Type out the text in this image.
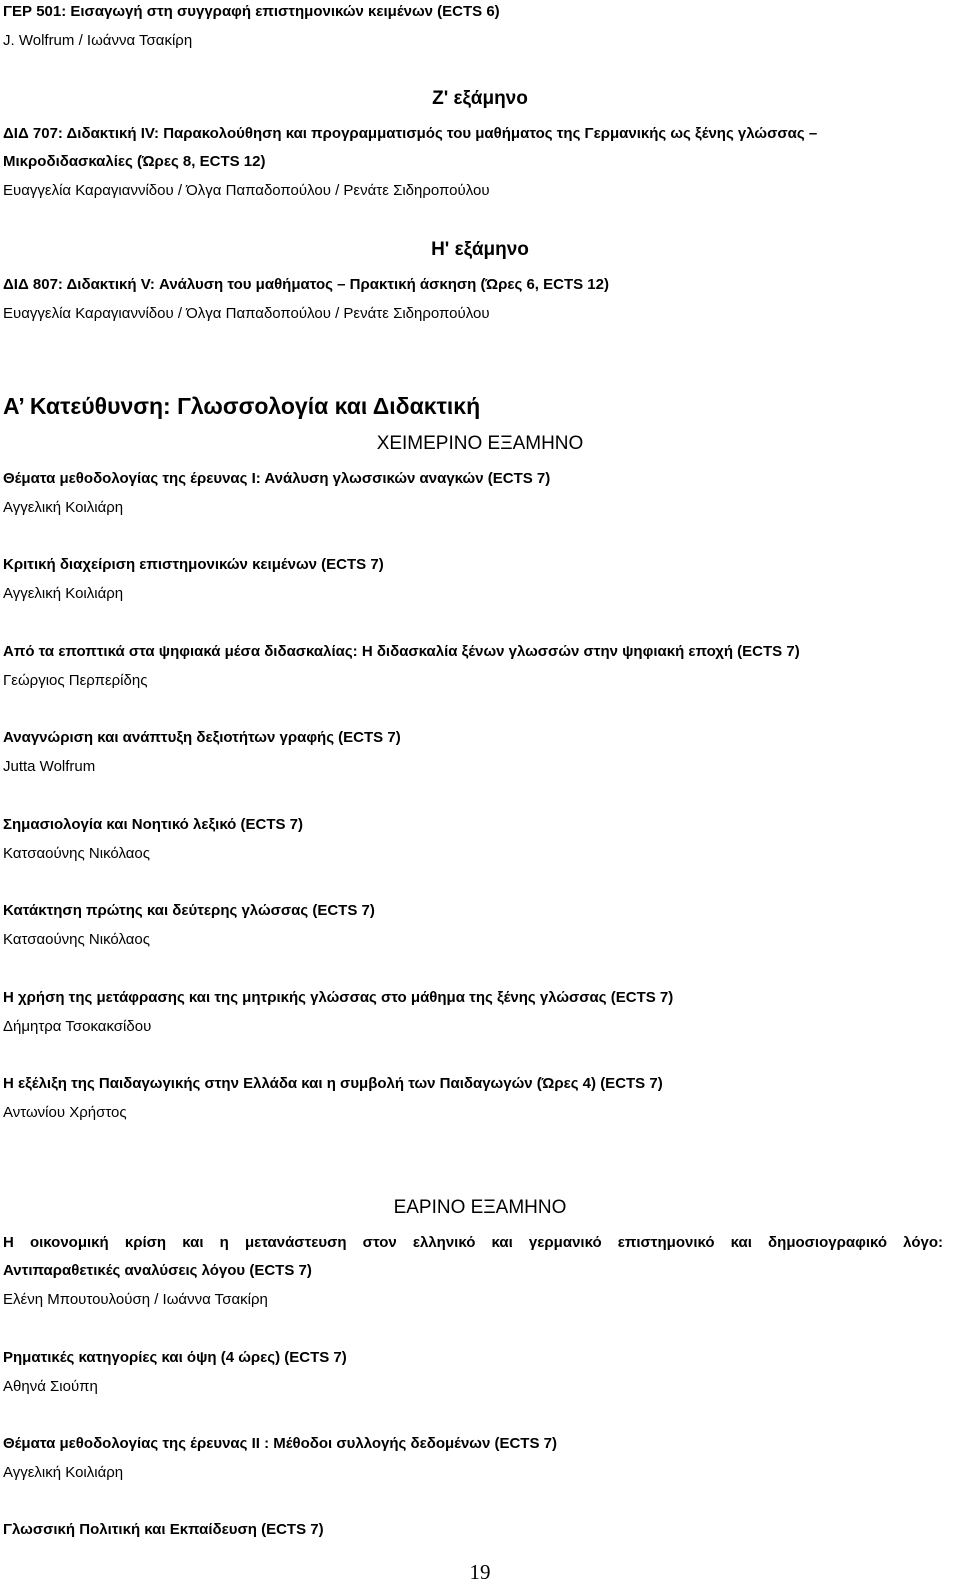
ΓΕΡ 501: Εισαγωγή στη συγγραφή επιστημονικών κειμένων (ECTS 6)
J. Wolfrum / Ιωάννα Τσακίρη
Ζ' εξάμηνο
ΔΙΔ 707: Διδακτική IV: Παρακολούθηση και προγραμματισμός του μαθήματος της Γερμανικής ως ξένης γλώσσας –
Μικροδιδασκαλίες (Ώρες 8, ECTS 12)
Ευαγγελία Καραγιαννίδου / Όλγα Παπαδοπούλου / Ρενάτε Σιδηροπούλου
Η' εξάμηνο
ΔΙΔ 807: Διδακτική V: Ανάλυση του μαθήματος – Πρακτική άσκηση (Ώρες 6, ECTS 12)
Ευαγγελία Καραγιαννίδου / Όλγα Παπαδοπούλου / Ρενάτε Σιδηροπούλου
Α’ Κατεύθυνση: Γλωσσολογία και Διδακτική
ΧΕΙΜΕΡΙΝΟ ΕΞΑΜΗΝΟ
Θέματα μεθοδολογίας της έρευνας Ι: Ανάλυση γλωσσικών αναγκών (ECTS 7)
Αγγελική Κοιλιάρη
Κριτική διαχείριση επιστημονικών κειμένων (ECTS 7)
Αγγελική Κοιλιάρη
Από τα εποπτικά στα ψηφιακά μέσα διδασκαλίας: Η διδασκαλία ξένων γλωσσών στην ψηφιακή εποχή (ECTS 7)
Γεώργιος Περπερίδης
Αναγνώριση και ανάπτυξη δεξιοτήτων γραφής (ECTS 7)
Jutta Wolfrum
Σημασιολογία και Νοητικό λεξικό (ECTS 7)
Κατσαούνης Νικόλαος
Κατάκτηση πρώτης και δεύτερης γλώσσας (ECTS 7)
Κατσαούνης Νικόλαος
Η χρήση της μετάφρασης και της μητρικής γλώσσας στο μάθημα της ξένης γλώσσας (ECTS 7)
Δήμητρα Τσοκακσίδου
Η εξέλιξη της Παιδαγωγικής στην Ελλάδα και η συμβολή των Παιδαγωγών (Ώρες 4) (ECTS 7)
Αντωνίου Χρήστος
ΕΑΡΙΝΟ ΕΞΑΜΗΝΟ
Η οικονομική κρίση και η μετανάστευση στον ελληνικό και γερμανικό επιστημονικό και δημοσιογραφικό λόγο:
Αντιπαραθετικές αναλύσεις λόγου (ECTS 7)
Ελένη Μπουτουλούση / Ιωάννα Τσακίρη
Ρηματικές κατηγορίες και όψη (4 ώρες) (ECTS 7)
Αθηνά Σιούπη
Θέματα μεθοδολογίας της έρευνας ΙΙ : Μέθοδοι συλλογής δεδομένων (ECTS 7)
Αγγελική Κοιλιάρη
Γλωσσική Πολιτική και Εκπαίδευση (ECTS 7)
19
